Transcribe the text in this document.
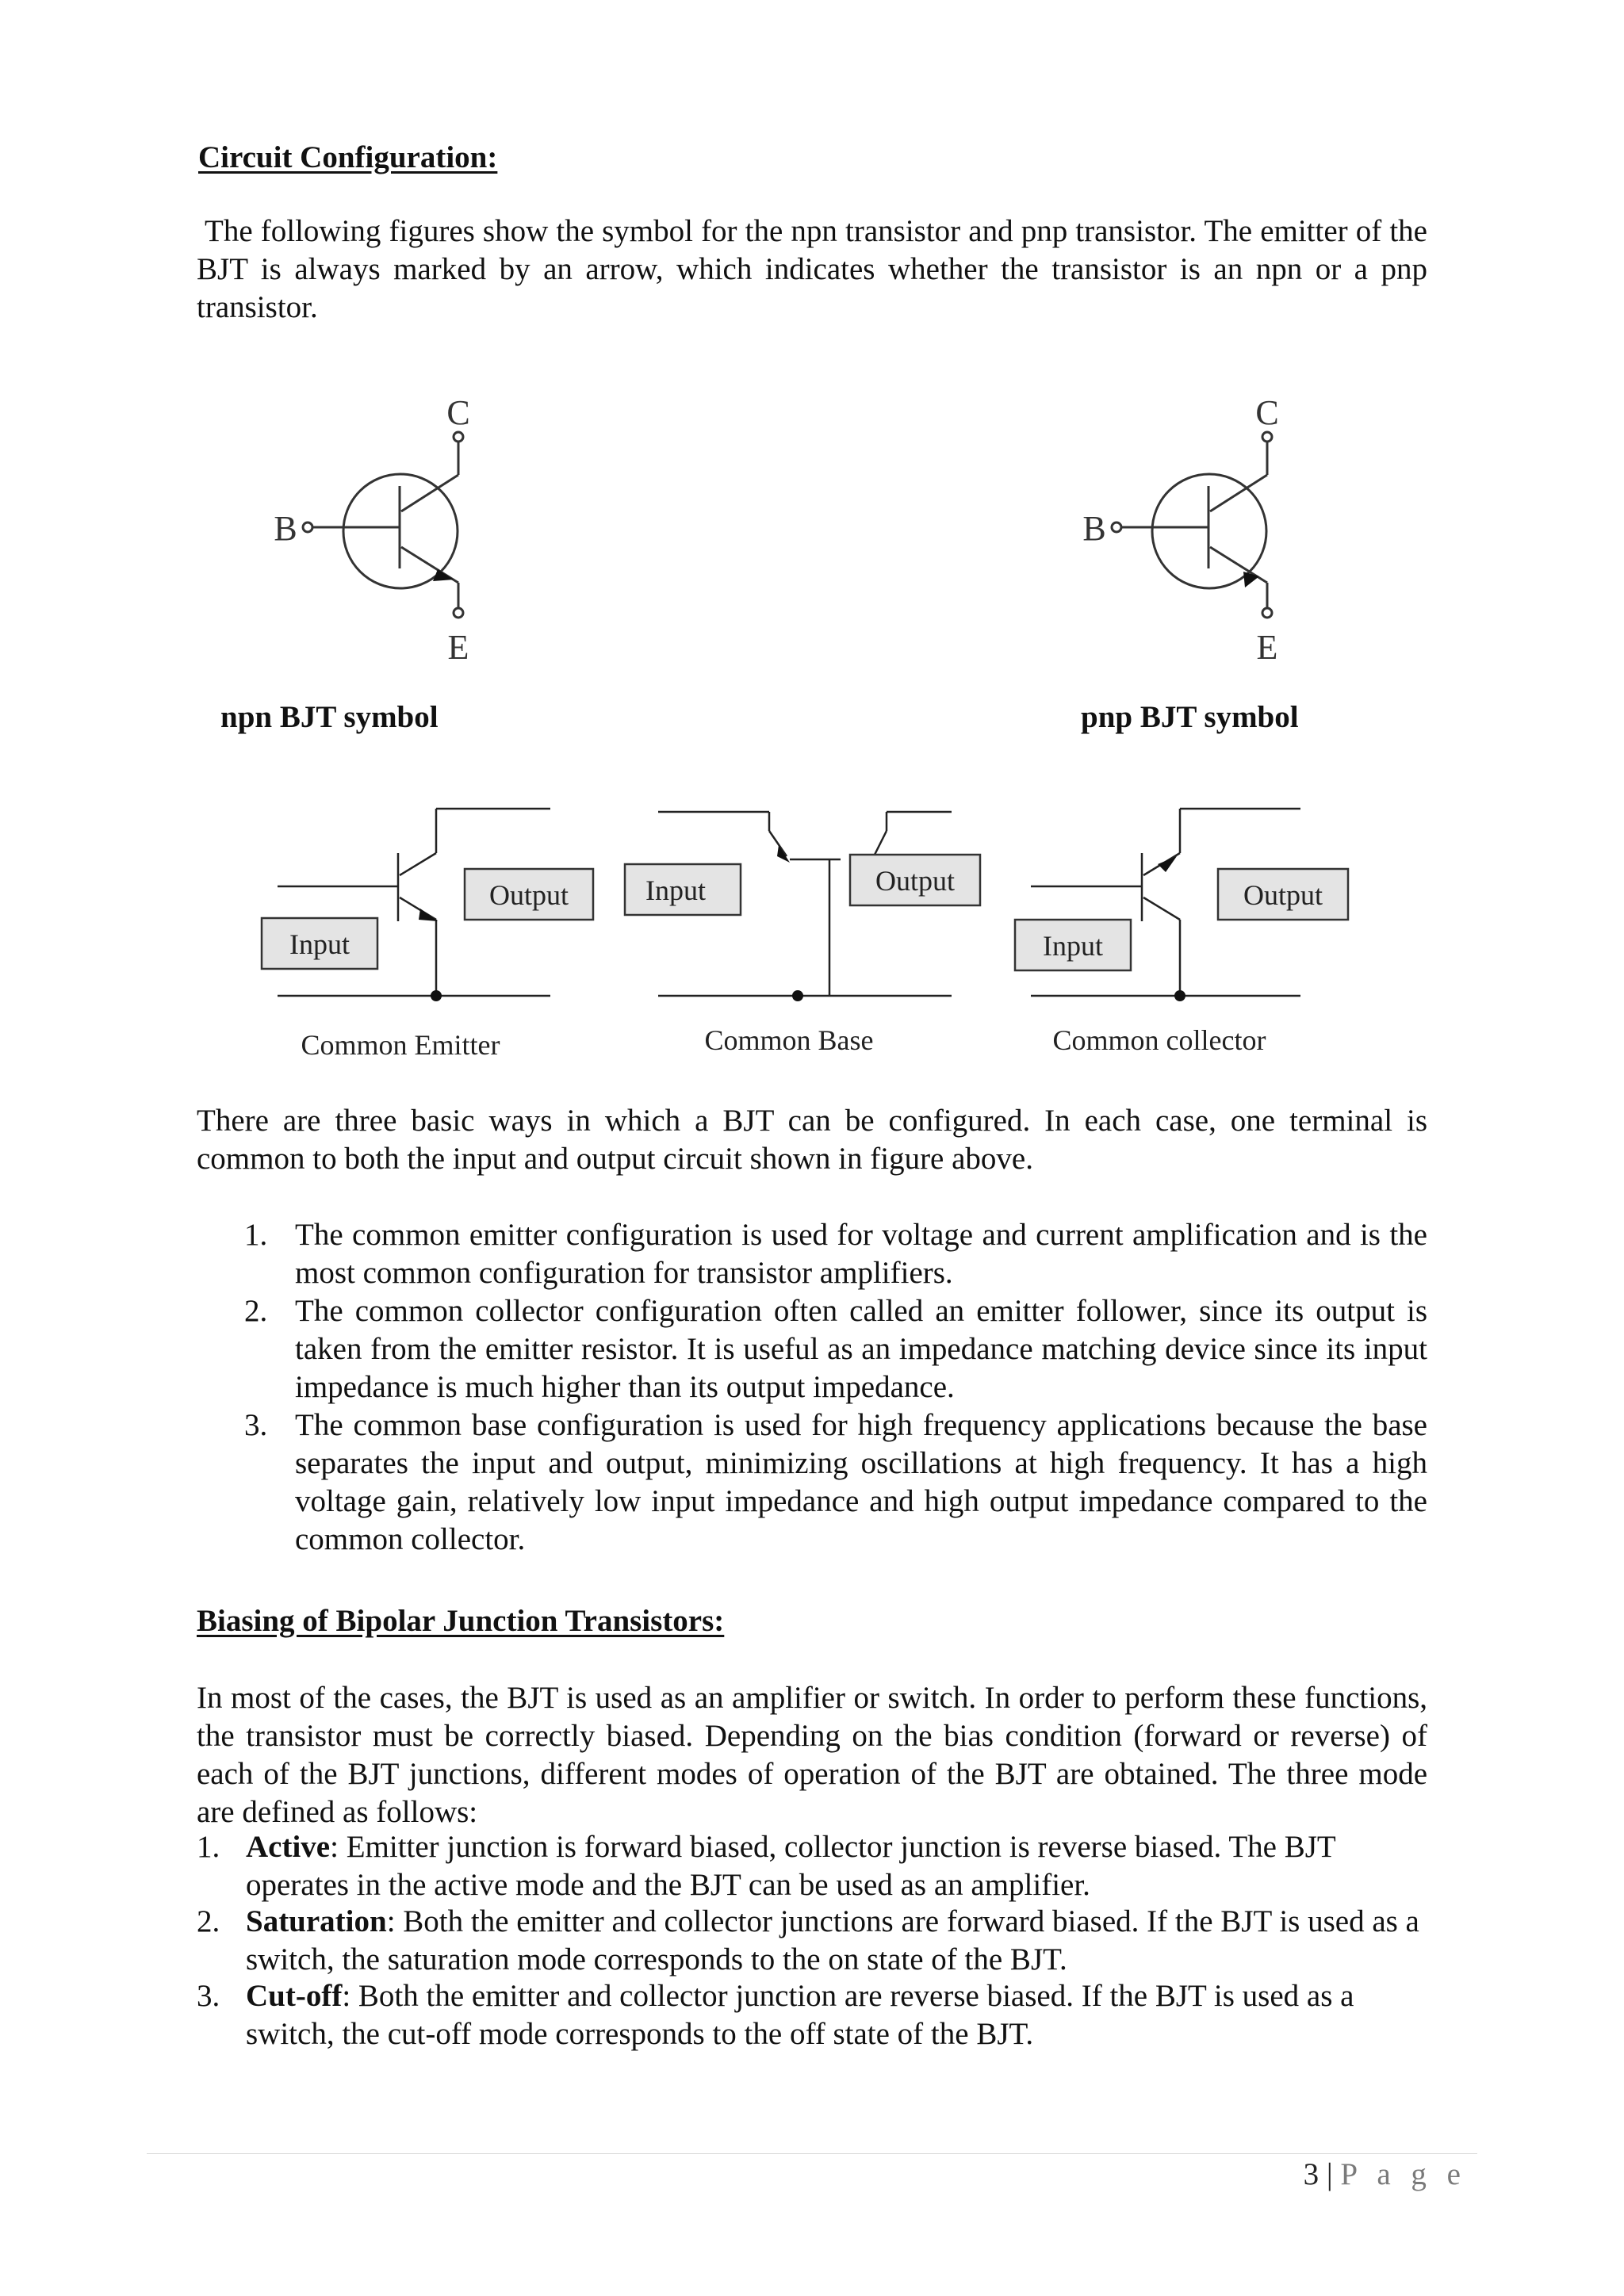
Circuit Configuration:
The following figures show the symbol for the npn transistor and pnp transistor. The emitter of the BJT is always marked by an arrow, which indicates whether the transistor is an npn or a pnp transistor.
C
B
E
C
B
E
npn BJT symbol	pnp BJT symbol
Output
Input
Input	Output
Input
Output
Common Emitter	Common Base	Common collector
There are three basic ways in which a BJT can be configured. In each case, one terminal is common to both the input and output circuit shown in figure above.
1. The common emitter configuration is used for voltage and current amplification and is the most common configuration for transistor amplifiers.
2. The common collector configuration often called an emitter follower, since its output is taken from the emitter resistor. It is useful as an impedance matching device since its input impedance is much higher than its output impedance.
3. The common base configuration is used for high frequency applications because the base separates the input and output, minimizing oscillations at high frequency. It has a high voltage gain, relatively low input impedance and high output impedance compared to the common collector.
Biasing of Bipolar Junction Transistors:
In most of the cases, the BJT is used as an amplifier or switch. In order to perform these functions, the transistor must be correctly biased. Depending on the bias condition (forward or reverse) of each of the BJT junctions, different modes of operation of the BJT are obtained. The three mode are defined as follows:
1. Active: Emitter junction is forward biased, collector junction is reverse biased. The BJT operates in the active mode and the BJT can be used as an amplifier.
2. Saturation: Both the emitter and collector junctions are forward biased. If the BJT is used as a switch, the saturation mode corresponds to the on state of the BJT.
3. Cut-off: Both the emitter and collector junction are reverse biased. If the BJT is used as a switch, the cut-off mode corresponds to the off state of the BJT.
3 | P a g e
